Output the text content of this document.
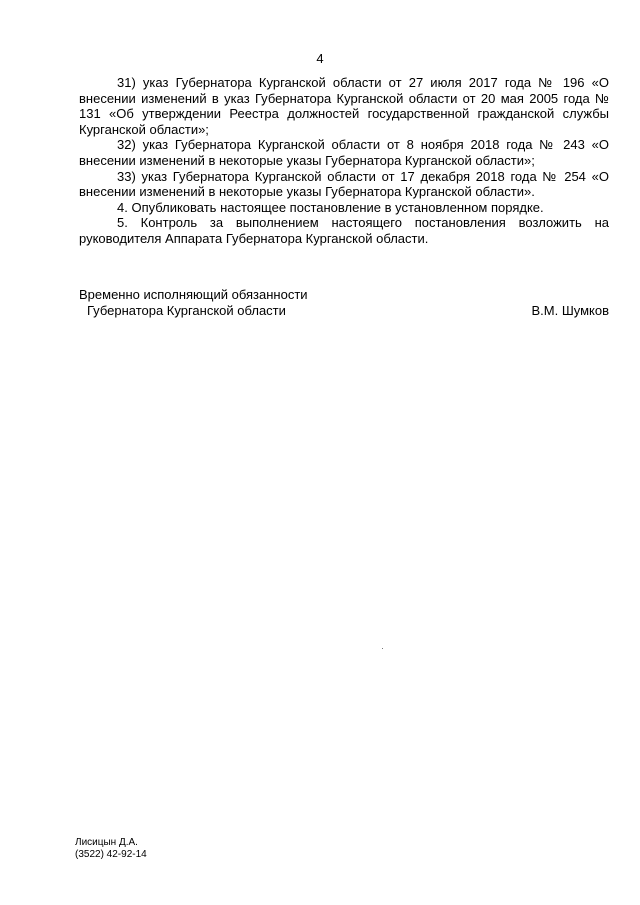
4

31) указ Губернатора Курганской области от 27 июля 2017 года № 196 «О внесении изменений в указ Губернатора Курганской области от 20 мая 2005 года № 131 «Об утверждении Реестра должностей государственной гражданской службы Курганской области»;

32) указ Губернатора Курганской области от 8 ноября 2018 года № 243 «О внесении изменений в некоторые указы Губернатора Курганской области»;

33) указ Губернатора Курганской области от 17 декабря 2018 года № 254 «О внесении изменений в некоторые указы Губернатора Курганской области».

4. Опубликовать настоящее постановление в установленном порядке.

5. Контроль за выполнением настоящего постановления возложить на руководителя Аппарата Губернатора Курганской области.

Временно исполняющий обязанности
Губернатора Курганской области	В.М. Шумков
Лисицын Д.А.
(3522) 42-92-14
